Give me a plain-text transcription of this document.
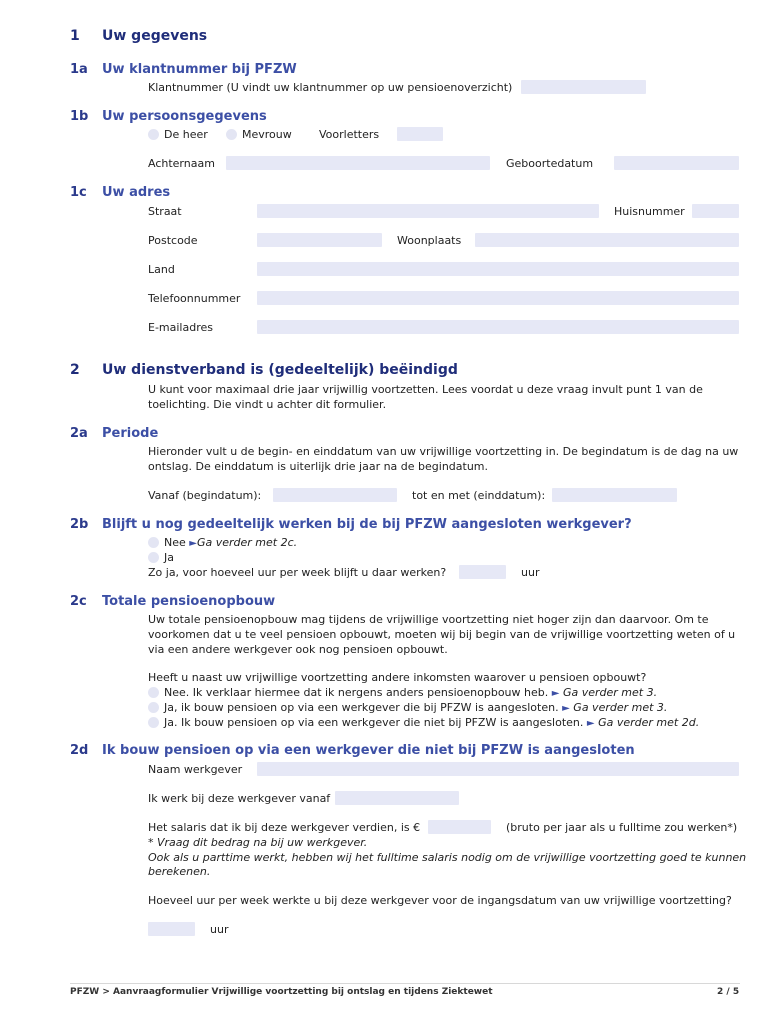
1 Uw gegevens
1a Uw klantnummer bij PFZW
Klantnummer (U vindt uw klantnummer op uw pensioenoverzicht)
1b Uw persoonsgegevens
De heer	Mevrouw Voorletters
Achternaam	Geboortedatum
1c Uw adres
Straat	Huisnummer
Postcode	Woonplaats
Land
Telefoonnummer
E-mailadres
2 Uw dienstverband is (gedeeltelijk) beëindigd
U kunt voor maximaal drie jaar vrijwillig voortzetten. Lees voordat u deze vraag invult punt 1 van de
toelichting. Die vindt u achter dit formulier.
2a Periode
Hieronder vult u de begin- en einddatum van uw vrijwillige voortzetting in. De begindatum is de dag na uw
ontslag. De einddatum is uiterlijk drie jaar na de begindatum.
Vanaf (begindatum):	tot en met (einddatum):
2b Blijft u nog gedeeltelijk werken bij de bij PFZW aangesloten werkgever?
Nee ►Ga verder met 2c.
Ja
Zo ja, voor hoeveel uur per week blijft u daar werken?	uur
2c Totale pensioenopbouw
Uw totale pensioenopbouw mag tijdens de vrijwillige voortzetting niet hoger zijn dan daarvoor. Om te
voorkomen dat u te veel pensioen opbouwt, moeten wij bij begin van de vrijwillige voortzetting weten of u
via een andere werkgever ook nog pensioen opbouwt.
Heeft u naast uw vrijwillige voortzetting andere inkomsten waarover u pensioen opbouwt?
Nee. Ik verklaar hiermee dat ik nergens anders pensioenopbouw heb. ► Ga verder met 3.
Ja, ik bouw pensioen op via een werkgever die bij PFZW is aangesloten. ► Ga verder met 3.
Ja. Ik bouw pensioen op via een werkgever die niet bij PFZW is aangesloten. ► Ga verder met 2d.
2d Ik bouw pensioen op via een werkgever die niet bij PFZW is aangesloten
Naam werkgever
Ik werk bij deze werkgever vanaf
Het salaris dat ik bij deze werkgever verdien, is €	(bruto per jaar als u fulltime zou werken*)
* Vraag dit bedrag na bij uw werkgever.
Ook als u parttime werkt, hebben wij het fulltime salaris nodig om de vrijwillige voortzetting goed te kunnen
berekenen.
Hoeveel uur per week werkte u bij deze werkgever voor de ingangsdatum van uw vrijwillige voortzetting?
uur
PFZW > Aanvraagformulier Vrijwillige voortzetting bij ontslag en tijdens Ziektewet	2 / 5
